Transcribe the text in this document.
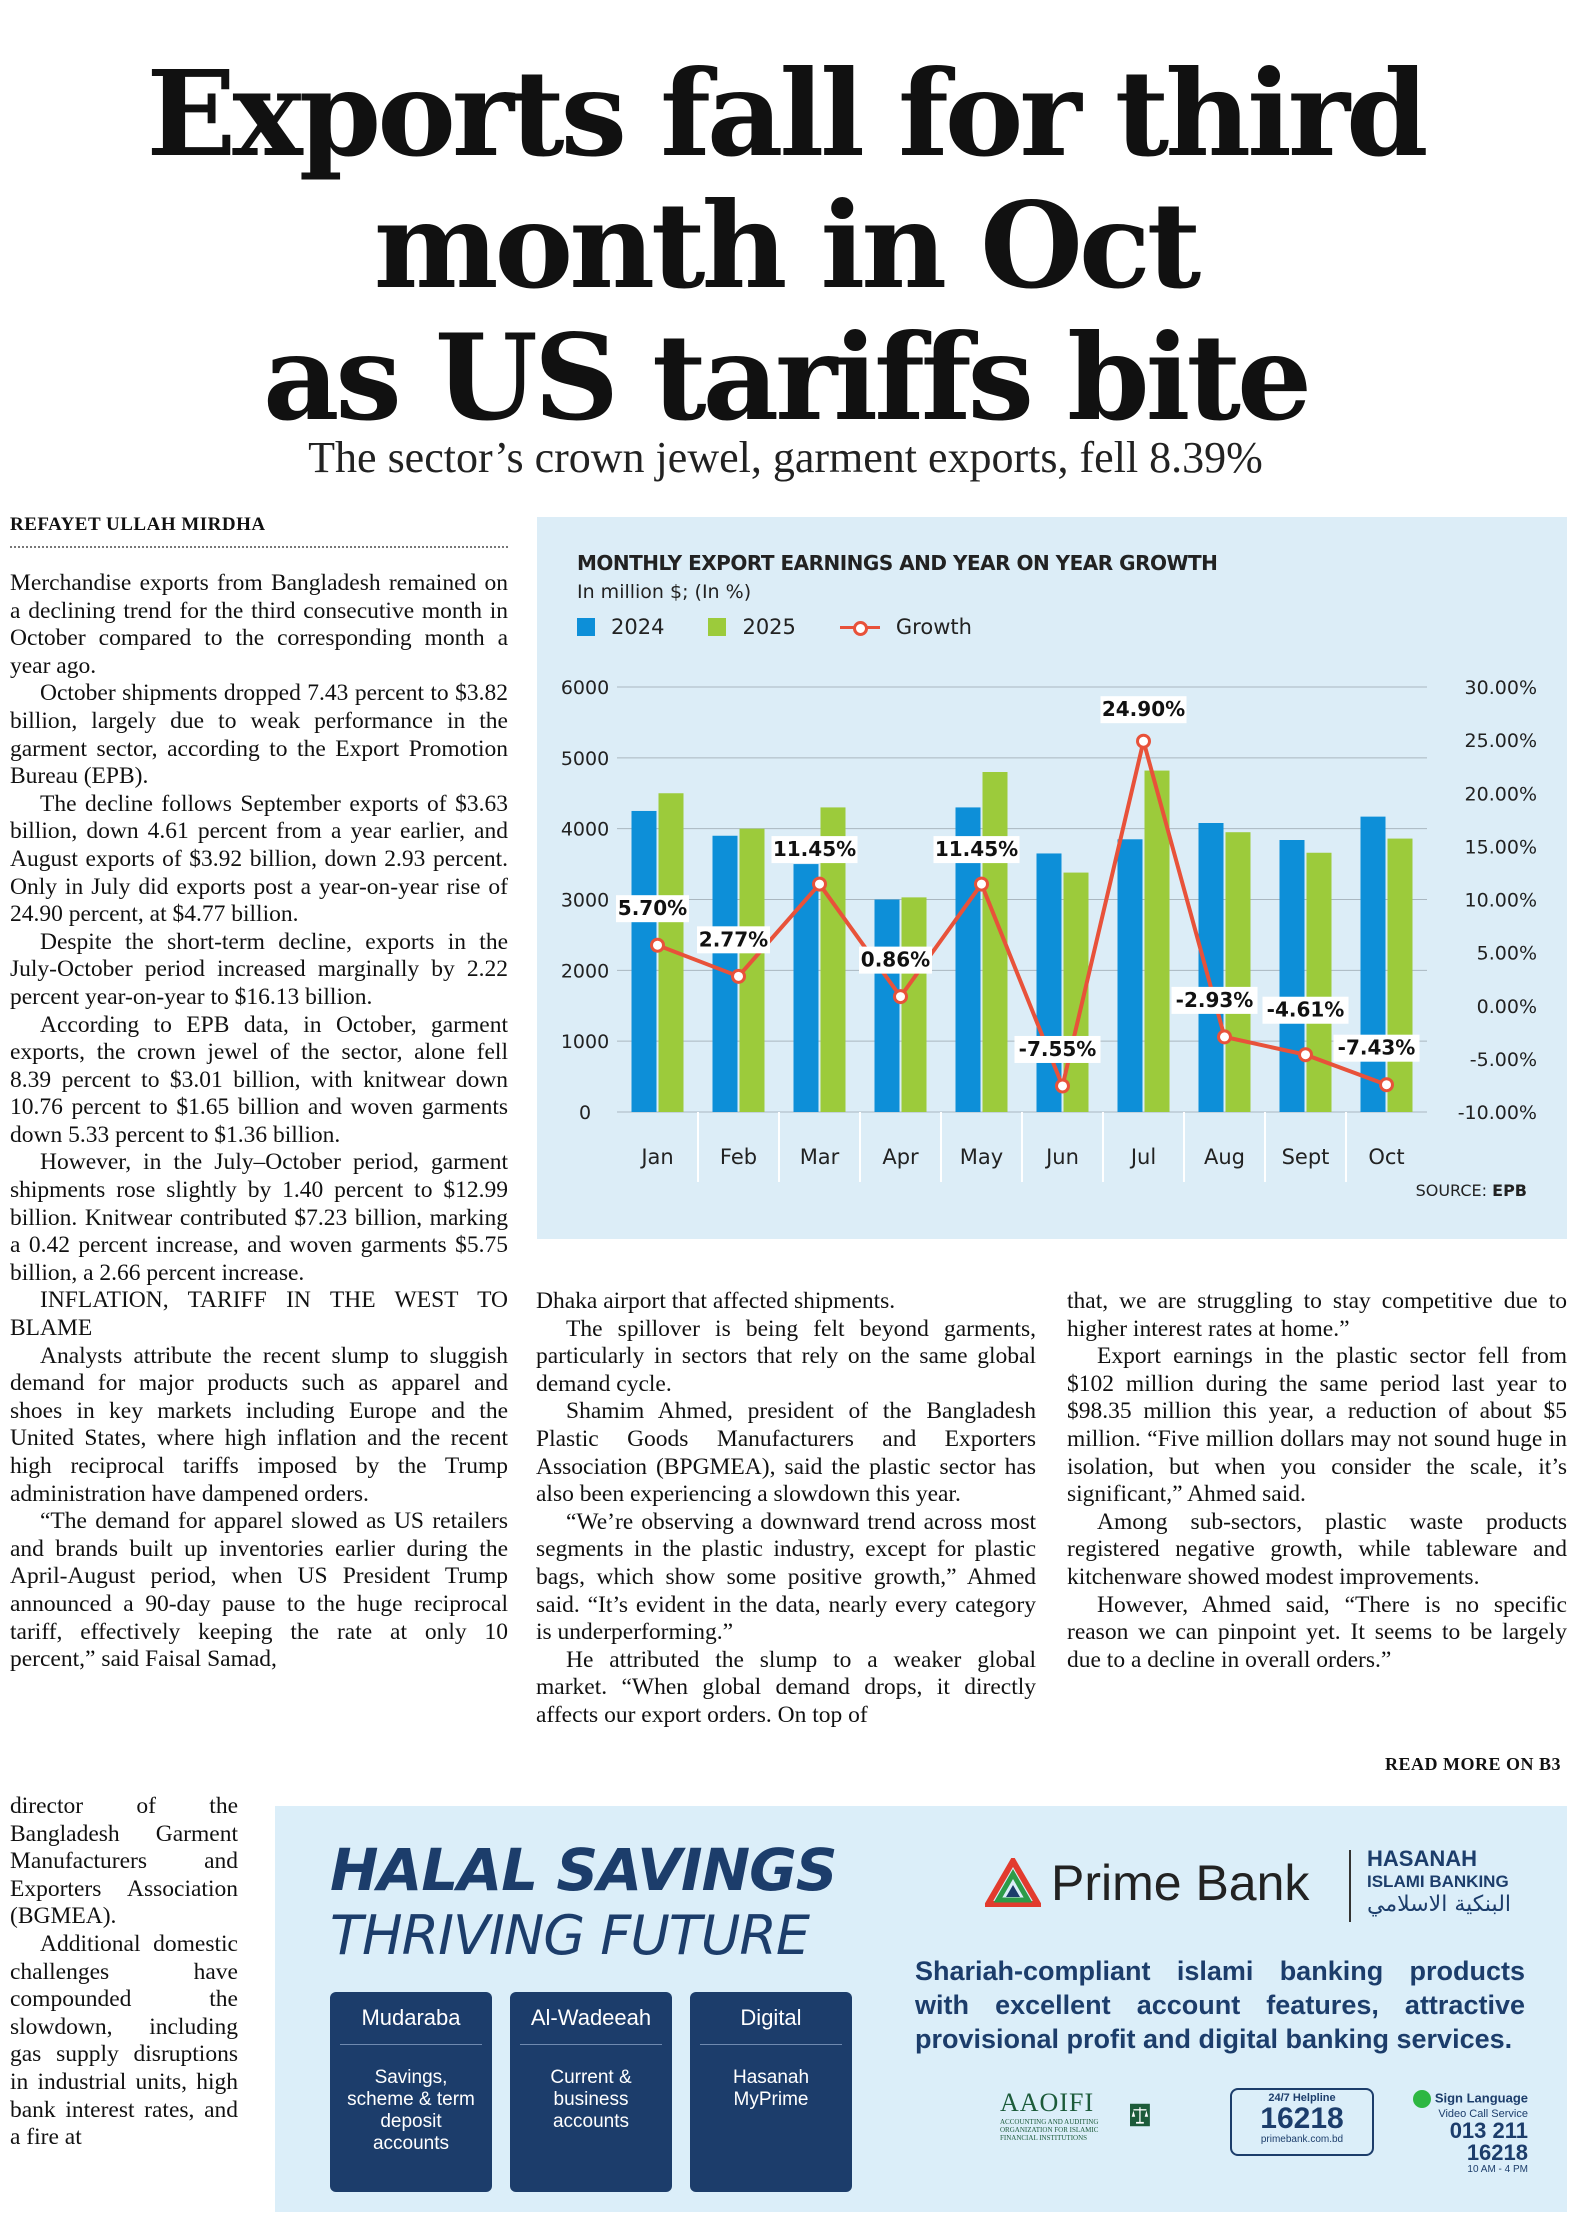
Exports fall for third
month in Oct
as US tariffs bite
The sector’s crown jewel, garment exports, fell 8.39%
REFAYET ULLAH MIRDHA

Merchandise exports from Bangladesh remained on a declining trend for the third consecutive month in October compared to the corresponding month a year ago.

October shipments dropped 7.43 percent to $3.82 billion, largely due to weak performance in the garment sector, according to the Export Promotion Bureau (EPB).

The decline follows September exports of $3.63 billion, down 4.61 percent from a year earlier, and August exports of $3.92 billion, down 2.93 percent. Only in July did exports post a year-on-year rise of 24.90 percent, at $4.77 billion.

Despite the short-term decline, exports in the July-October period increased marginally by 2.22 percent year-on-year to $16.13 billion.

According to EPB data, in October, garment exports, the crown jewel of the sector, alone fell 8.39 percent to $3.01 billion, with knitwear down 10.76 percent to $1.65 billion and woven garments down 5.33 percent to $1.36 billion.

However, in the July–October period, garment shipments rose slightly by 1.40 percent to $12.99 billion. Knitwear contributed $7.23 billion, marking a 0.42 percent increase, and woven garments $5.75 billion, a 2.66 percent increase.

INFLATION, TARIFF IN THE WEST TO BLAME

Analysts attribute the recent slump to sluggish demand for major products such as apparel and shoes in key markets including Europe and the United States, where high inflation and the recent high reciprocal tariffs imposed by the Trump administration have dampened orders.

“The demand for apparel slowed as US retailers and brands built up inventories earlier during the April-August period, when US President Trump announced a 90-day pause to the huge reciprocal tariff, effectively keeping the rate at only 10 percent,” said Faisal Samad,

director of the Bangladesh Garment Manufacturers and Exporters Association (BGMEA).

Additional domestic challenges have compounded the slowdown, including gas supply disruptions in industrial units, high bank interest rates, and a fire at

MONTHLY EXPORT EARNINGS AND YEAR ON YEAR GROWTH
In million $; (In %)
2024	2025	Growth
0
1000
2000
3000
4000
5000
6000
-10.00%
-5.00%
0.00%
5.00%
10.00%
15.00%
20.00%
25.00%
30.00%
Jan Feb Mar Apr May Jun Jul Aug Sept Oct
5.70%
2.77%
11.45%
0.86%
11.45%
-7.55%
24.90%
-2.93% -4.61%
-7.43%
SOURCE: EPB

Dhaka airport that affected shipments.

The spillover is being felt beyond garments, particularly in sectors that rely on the same global demand cycle.

Shamim Ahmed, president of the Bangladesh Plastic Goods Manufacturers and Exporters Association (BPGMEA), said the plastic sector has also been experiencing a slowdown this year.

“We’re observing a downward trend across most segments in the plastic industry, except for plastic bags, which show some positive growth,” Ahmed said. “It’s evident in the data, nearly every category is underperforming.”

He attributed the slump to a weaker global market. “When global demand drops, it directly affects our export orders. On top of

that, we are struggling to stay competitive due to higher interest rates at home.”

Export earnings in the plastic sector fell from $102 million during the same period last year to $98.35 million this year, a reduction of about $5 million. “Five million dollars may not sound huge in isolation, but when you consider the scale, it’s significant,” Ahmed said.

Among sub-sectors, plastic waste products registered negative growth, while tableware and kitchenware showed modest improvements.

However, Ahmed said, “There is no specific reason we can pinpoint yet. It seems to be largely due to a decline in overall orders.”

READ MORE ON B3
HALAL SAVINGS
THRIVING FUTURE
Mudaraba
Savings, scheme & term deposit accounts
Al-Wadeeah
Current & business accounts
Digital
Hasanah MyPrime
Prime Bank	HASANAH
ISLAMI BANKING
البنكية الاسلامي
Shariah-compliant islami banking products with excellent account features, attractive provisional profit and digital banking services.
AAOIFI
ACCOUNTING AND AUDITING ORGANIZATION FOR ISLAMIC FINANCIAL INSTITUTIONS
24/7 Helpline
16218
primebank.com.bd
Sign Language
Video Call Service
013 211 16218
10 AM - 4 PM
